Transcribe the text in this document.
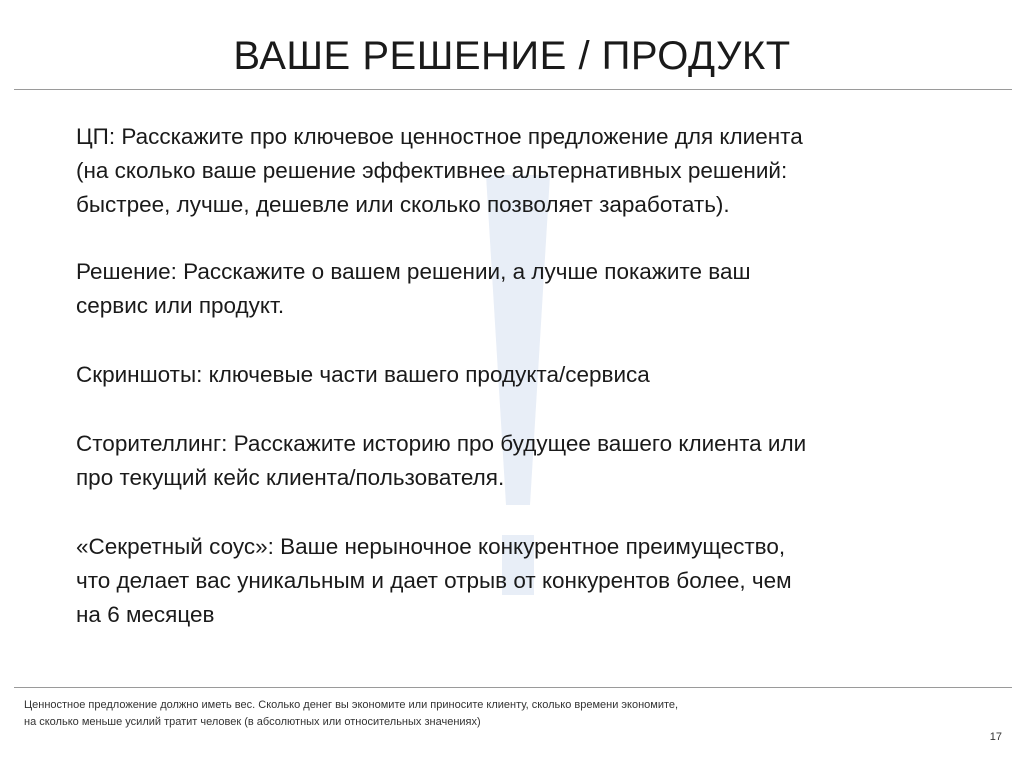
ВАШЕ РЕШЕНИЕ / ПРОДУКТ

ЦП: Расскажите про ключевое ценностное предложение для клиента
(на сколько ваше решение эффективнее альтернативных решений:
быстрее, лучше, дешевле или сколько позволяет заработать).

Решение: Расскажите о вашем решении, а лучше покажите ваш
сервис или продукт.

Скриншоты: ключевые части вашего продукта/сервиса

Сторителлинг: Расскажите историю про будущее вашего клиента или
про текущий кейс клиента/пользователя.

«Секретный соус»: Ваше нерыночное конкурентное преимущество,
что делает вас уникальным и дает отрыв от конкурентов более, чем
на 6 месяцев

Ценностное предложение должно иметь вес. Сколько денег вы экономите или приносите клиенту, сколько времени экономите,
на сколько меньше усилий тратит человек (в абсолютных или относительных значениях)

17
